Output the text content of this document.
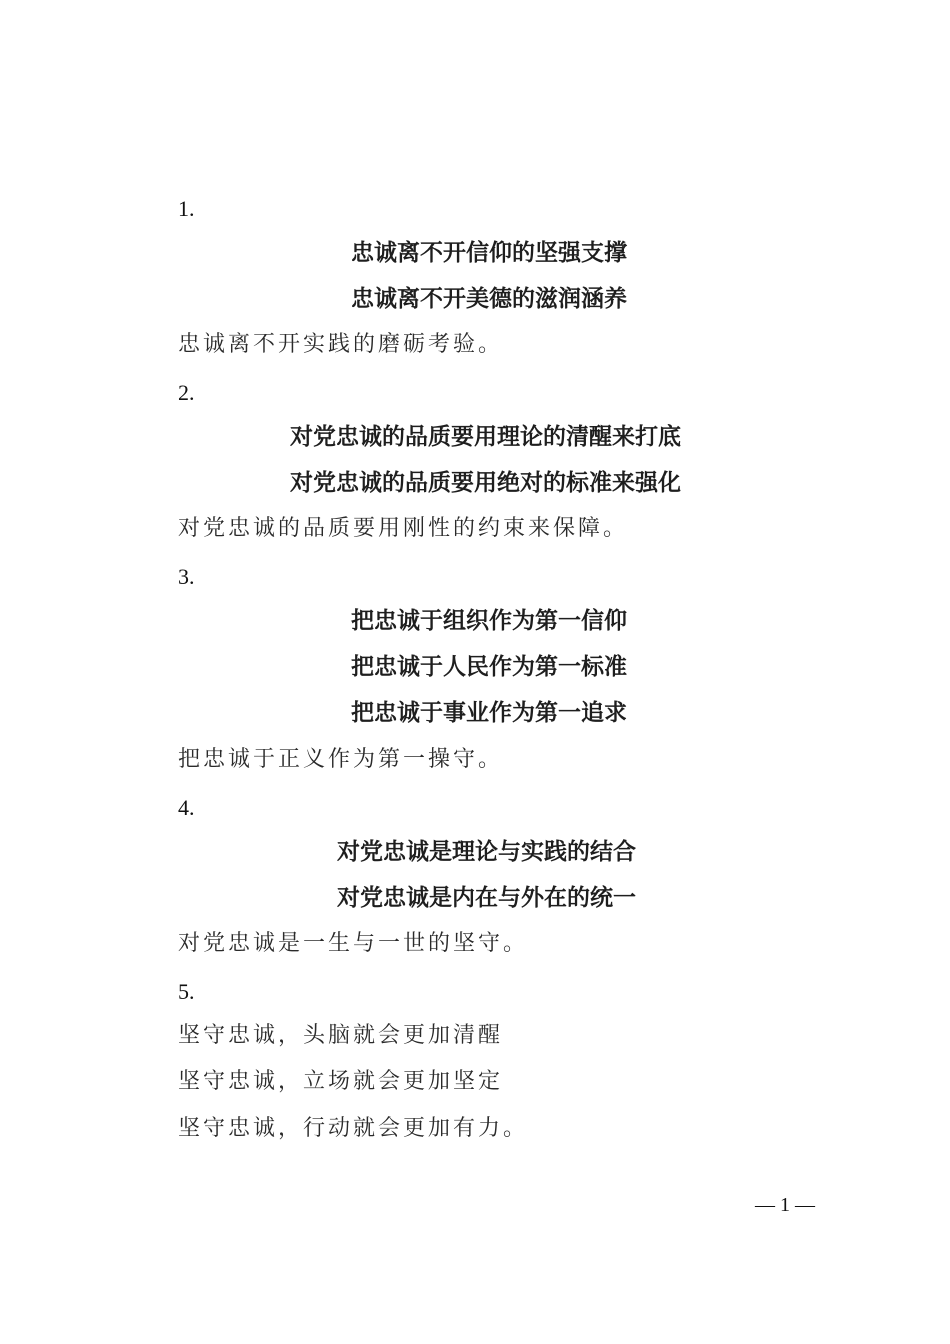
1.
忠诚离不开信仰的坚强支撑
忠诚离不开美德的滋润涵养
忠诚离不开实践的磨砺考验。
2.
对党忠诚的品质要用理论的清醒来打底
对党忠诚的品质要用绝对的标准来强化
对党忠诚的品质要用刚性的约束来保障。
3.
把忠诚于组织作为第一信仰
把忠诚于人民作为第一标准
把忠诚于事业作为第一追求
把忠诚于正义作为第一操守。
4.
对党忠诚是理论与实践的结合
对党忠诚是内在与外在的统一
对党忠诚是一生与一世的坚守。
5.
坚守忠诚，头脑就会更加清醒
坚守忠诚，立场就会更加坚定
坚守忠诚，行动就会更加有力。
— 1 —
